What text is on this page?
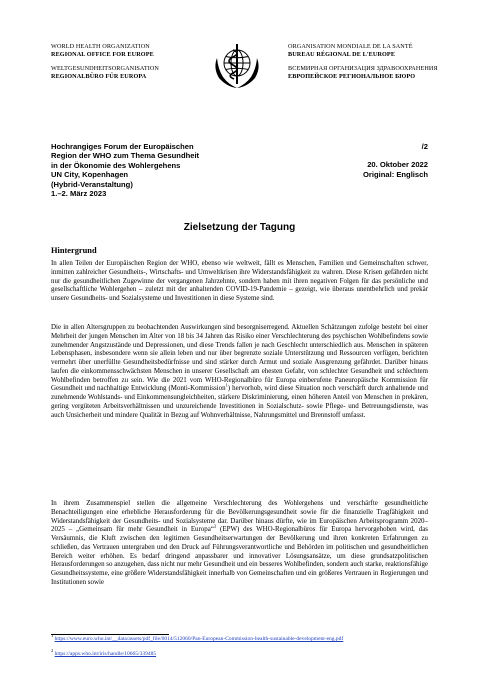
WORLD HEALTH ORGANIZATION
REGIONAL OFFICE FOR EUROPE
WELTGESUNDHEITSORGANISATION
REGIONALBÜRO FÜR EUROPA
ORGANISATION MONDIALE DE LA SANTÉ
BUREAU RÉGIONAL DE L'EUROPE
ВСЕМИРНАЯ ОРГАНИЗАЦИЯ ЗДРАВООХРАНЕНИЯ
ЕВРОПЕЙСКОЕ РЕГИОНАЛЬНОЕ БЮРО
Hochrangiges Forum der Europäischen
Region der WHO zum Thema Gesundheit
in der Ökonomie des Wohlergehens
UN City, Kopenhagen
(Hybrid-Veranstaltung)
1.–2. März 2023
/2
20. Oktober 2022
Original: Englisch
Zielsetzung der Tagung
Hintergrund
In allen Teilen der Europäischen Region der WHO, ebenso wie weltweit, fällt es Menschen, Familien und Gemeinschaften schwer, inmitten zahlreicher Gesundheits-, Wirtschafts- und Umweltkrisen ihre Widerstandsfähigkeit zu wahren. Diese Krisen gefährden nicht nur die gesundheitlichen Zugewinne der vergangenen Jahrzehnte, sondern haben mit ihren negativen Folgen für das persönliche und gesellschaftliche Wohlergehen – zuletzt mit der anhaltenden COVID-19-Pandemie – gezeigt, wie überaus unentbehrlich und prekär unsere Gesundheits- und Sozialsysteme und Investitionen in diese Systeme sind.
Die in allen Altersgruppen zu beobachtenden Auswirkungen sind besorgniserregend. Aktuellen Schätzungen zufolge besteht bei einer Mehrheit der jungen Menschen im Alter von 18 bis 34 Jahren das Risiko einer Verschlechterung des psychischen Wohlbefindens sowie zunehmender Angstzustände und Depressionen, und diese Trends fallen je nach Geschlecht unterschiedlich aus. Menschen in späteren Lebensphasen, insbesondere wenn sie allein leben und nur über begrenzte soziale Unterstützung und Ressourcen verfügen, berichten vermehrt über unerfüllte Gesundheitsbedürfnisse und sind stärker durch Armut und soziale Ausgrenzung gefährdet. Darüber hinaus laufen die einkommensschwächsten Menschen in unserer Gesellschaft am ehesten Gefahr, von schlechter Gesundheit und schlechtem Wohlbefinden betroffen zu sein. Wie die 2021 vom WHO-Regionalbüro für Europa einberufene Paneuropäische Kommission für Gesundheit und nachhaltige Entwicklung (Monti-Kommission$^1$) hervorhob, wird diese Situation noch verschärft durch anhaltende und zunehmende Wohlstands- und Einkommensungleichheiten, stärkere Diskriminierung, einen höheren Anteil von Menschen in prekären, gering vergüteten Arbeitsverhältnissen und unzureichende Investitionen in Sozialschutz- sowie Pflege- und Betreuungsdienste, was auch Unsicherheit und mindere Qualität in Bezug auf Wohnverhältnisse, Nahrungsmittel und Brennstoff umfasst.
In ihrem Zusammenspiel stellen die allgemeine Verschlechterung des Wohlergehens und verschärfte gesundheitliche Benachteiligungen eine erhebliche Herausforderung für die Bevölkerungsgesundheit sowie für die finanzielle Tragfähigkeit und Widerstandsfähigkeit der Gesundheits- und Sozialsysteme dar. Darüber hinaus dürfte, wie im Europäischen Arbeitsprogramm 2020–2025 – „Gemeinsam für mehr Gesundheit in Europa“$^2$ (EPW) des WHO-Regionalbüros für Europa hervorgehoben wird, das Versäumnis, die Kluft zwischen den legitimen Gesundheitserwartungen der Bevölkerung und ihren konkreten Erfahrungen zu schließen, das Vertrauen untergraben und den Druck auf Führungsverantwortliche und Behörden im politischen und gesundheitlichen Bereich weiter erhöhen. Es bedarf dringend anpassbarer und innovativer Lösungsansätze, um diese grundsatzpolitischen Herausforderungen so anzugehen, dass nicht nur mehr Gesundheit und ein besseres Wohlbefinden, sondern auch starke, reaktionsfähige Gesundheitssysteme, eine größere Widerstandsfähigkeit innerhalb von Gemeinschaften und ein größeres Vertrauen in Regierungen und Institutionen sowie
$^1$ https://www.euro.who.int/__data/assets/pdf_file/0014/512060/Pan-European-Commission-health-sustainable-development-eng.pdf
$^2$ https://apps.who.int/iris/handle/10665/339485
